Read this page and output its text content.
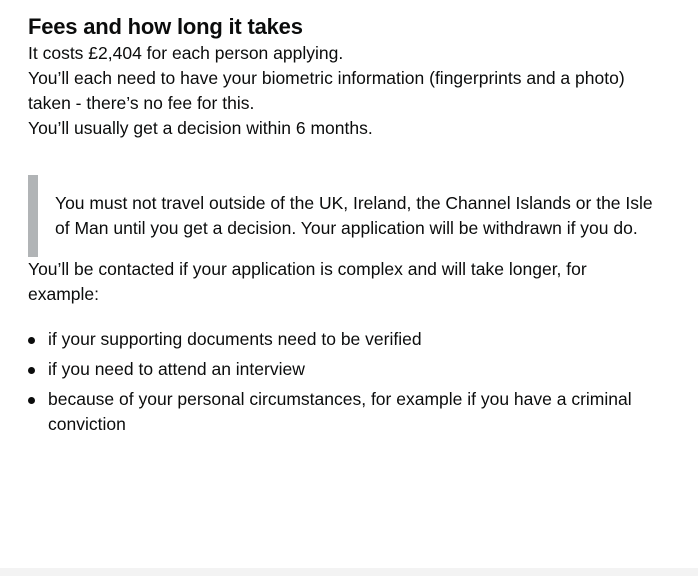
Fees and how long it takes

It costs £2,404 for each person applying.

You’ll each need to have your biometric information (fingerprints and a photo) taken - there’s no fee for this.

You’ll usually get a decision within 6 months.

You must not travel outside of the UK, Ireland, the Channel Islands or the Isle of Man until you get a decision. Your application will be withdrawn if you do.

You’ll be contacted if your application is complex and will take longer, for example:

if your supporting documents need to be verified
if you need to attend an interview
because of your personal circumstances, for example if you have a criminal conviction
